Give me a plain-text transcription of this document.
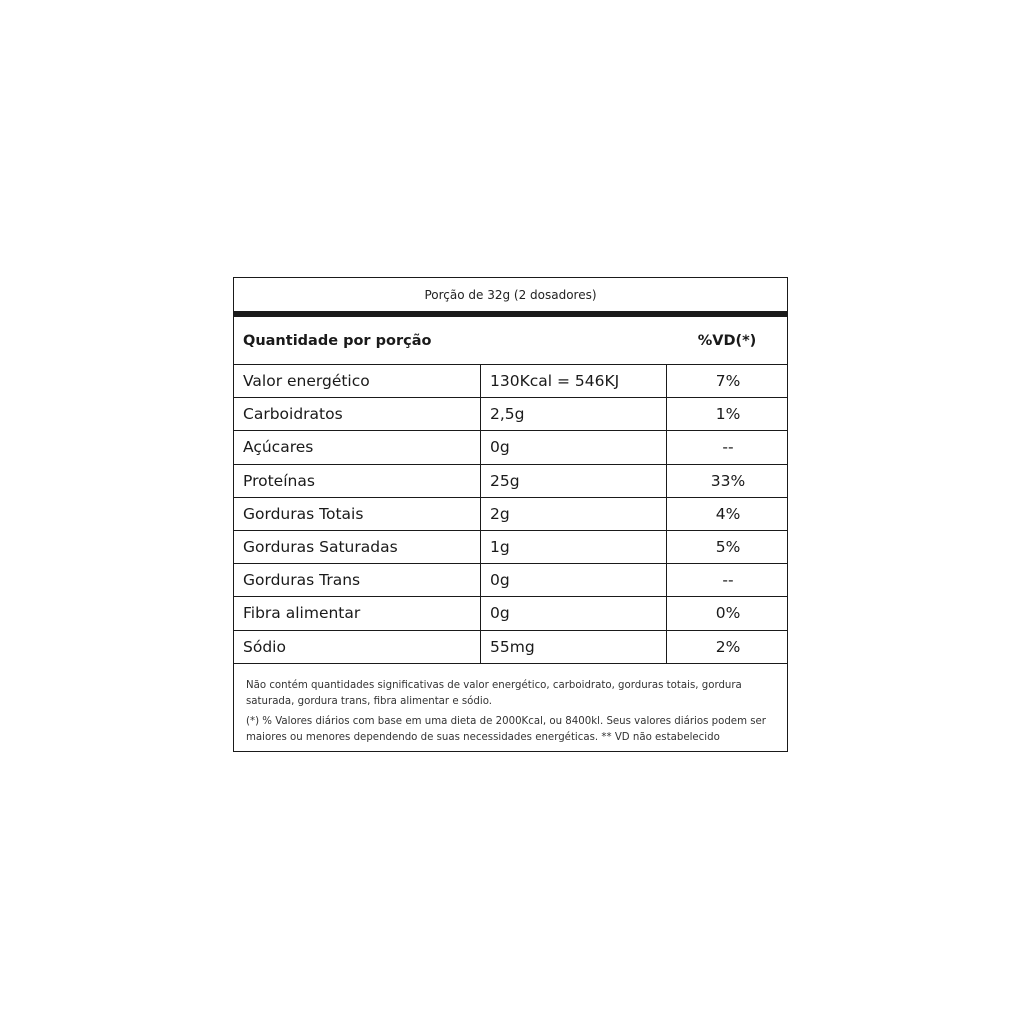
Porção de 32g (2 dosadores)
Quantidade por porção	%VD(*)
Valor energético	130Kcal = 546KJ	7%
Carboidratos	2,5g	1%
Açúcares	0g	--
Proteínas	25g	33%
Gorduras Totais	2g	4%
Gorduras Saturadas	1g	5%
Gorduras Trans	0g	--
Fibra alimentar	0g	0%
Sódio	55mg	2%

Não contém quantidades significativas de valor energético, carboidrato, gorduras totais, gordura saturada, gordura trans, fibra alimentar e sódio.

(*) % Valores diários com base em uma dieta de 2000Kcal, ou 8400kl. Seus valores diários podem ser maiores ou menores dependendo de suas necessidades energéticas. ** VD não estabelecido
